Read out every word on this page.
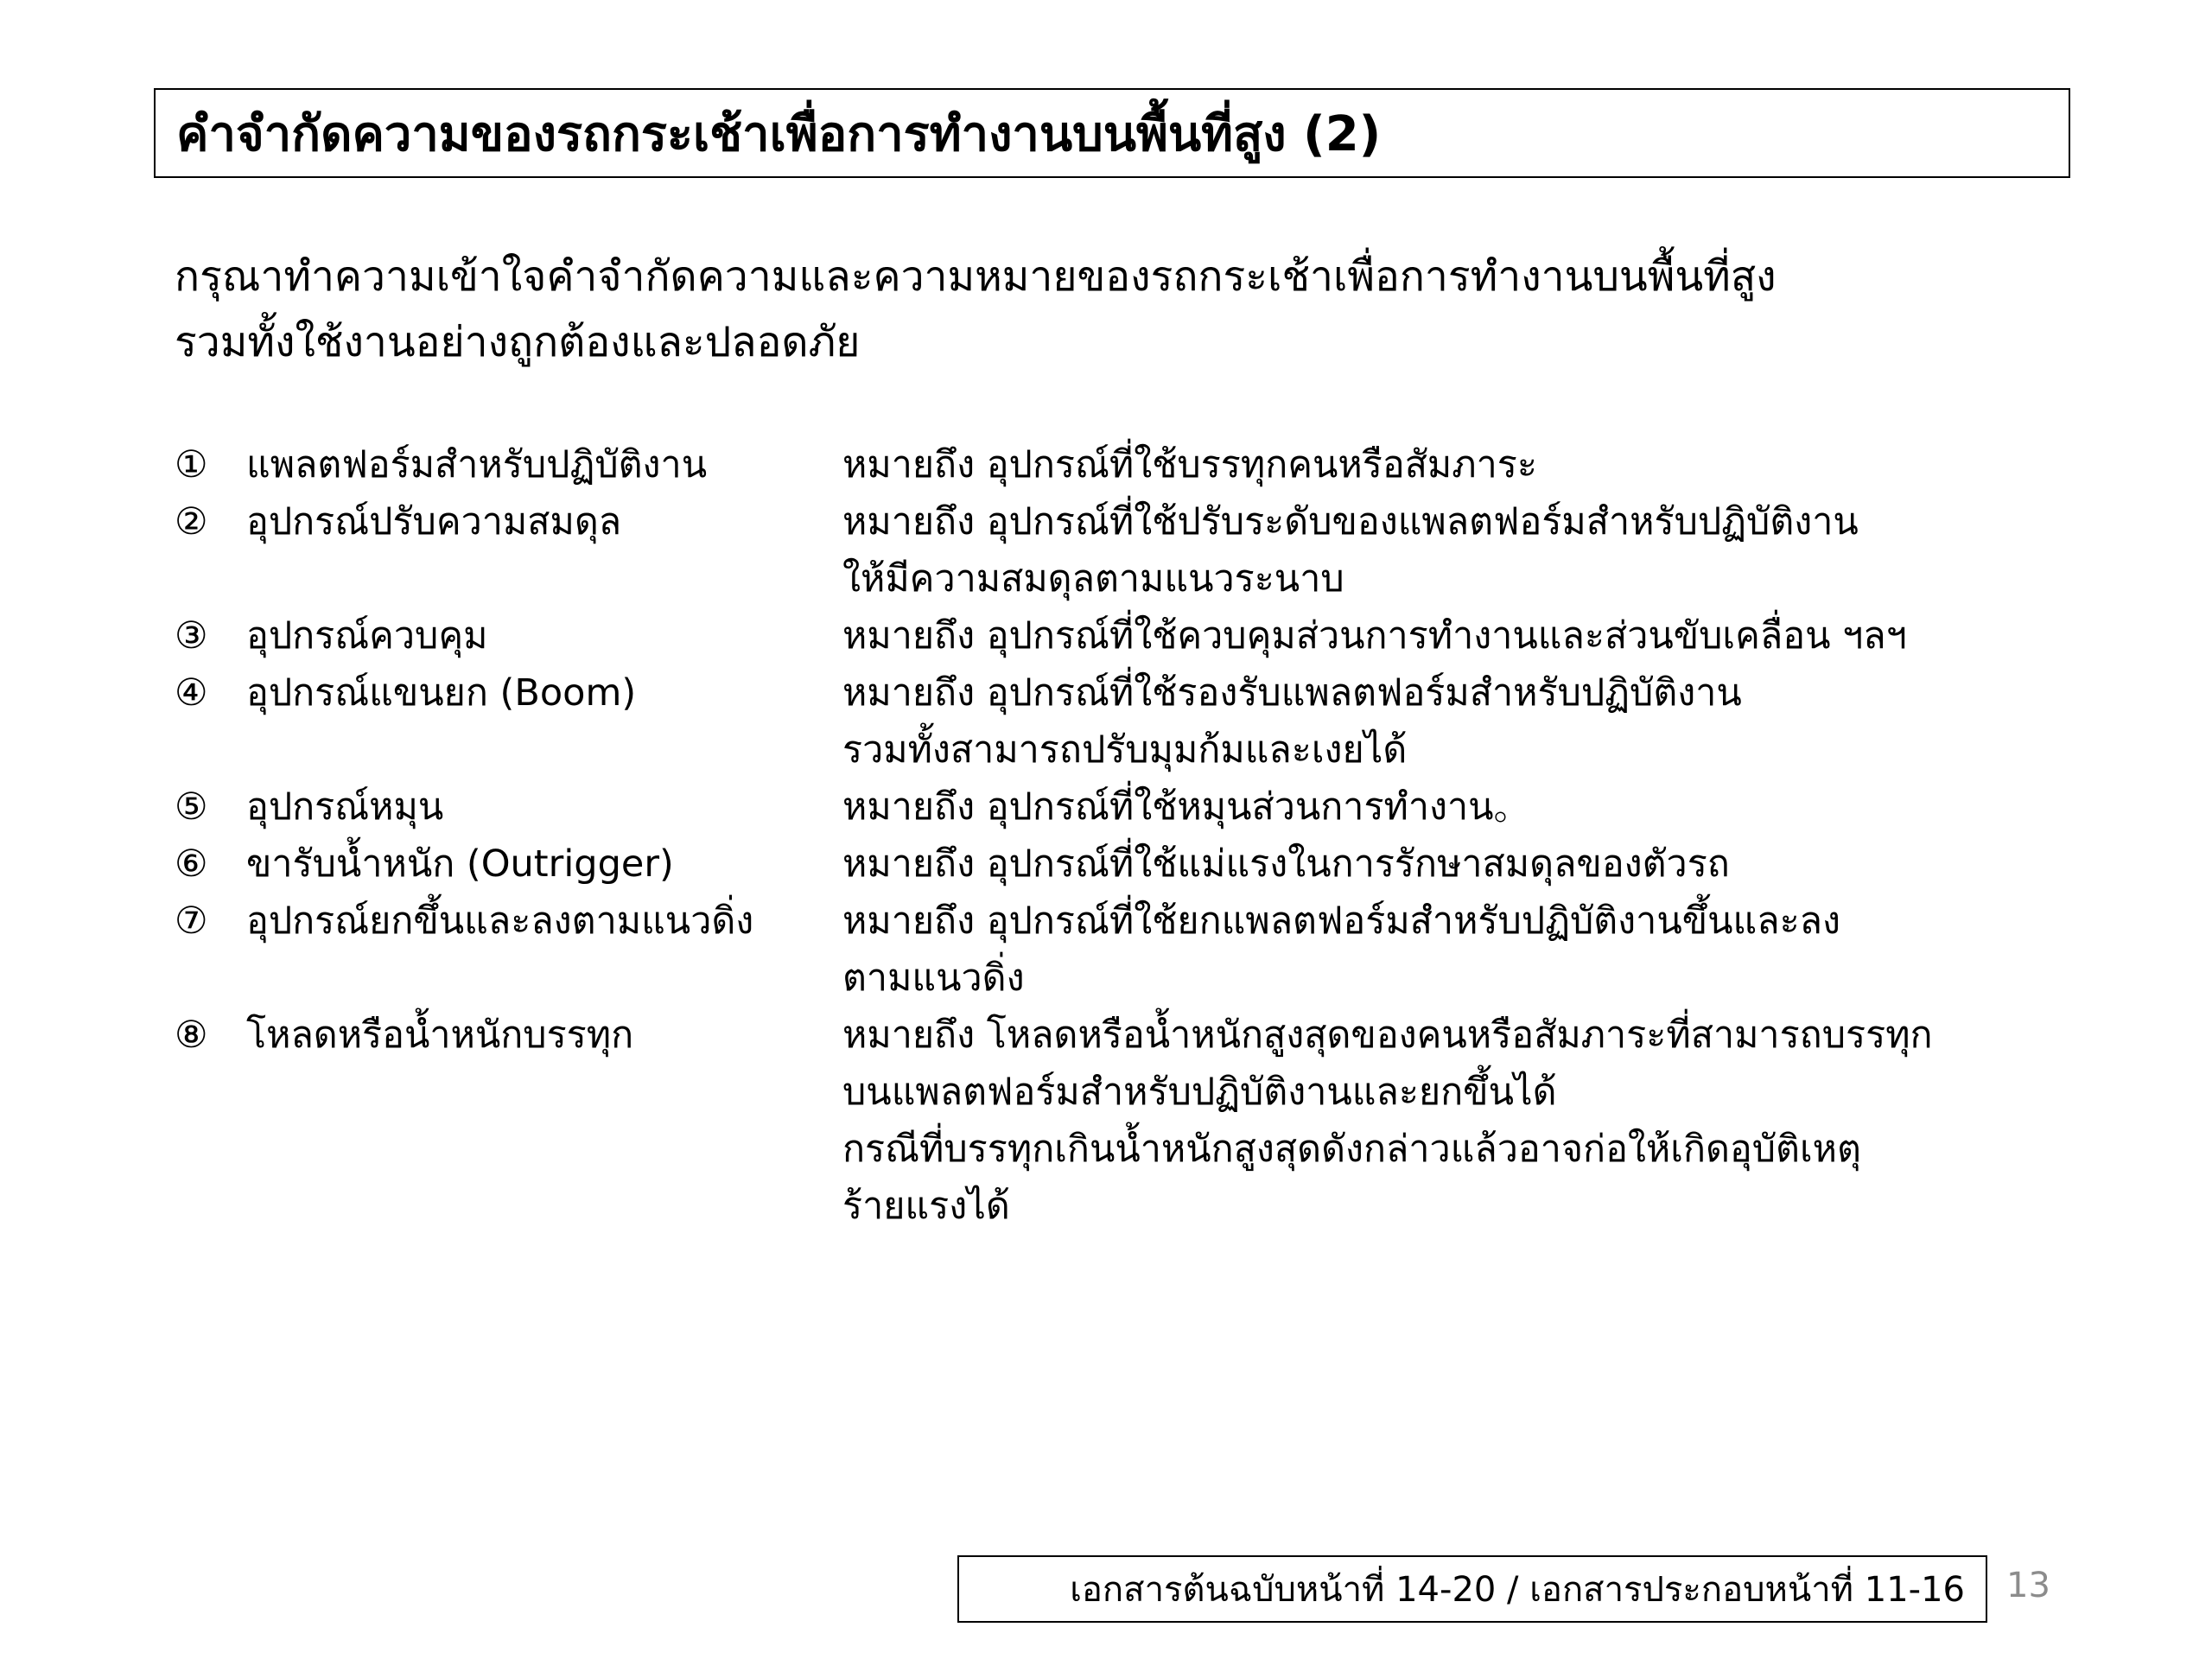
คำจำกัดความของรถกระเช้าเพื่อการทำงานบนพื้นที่สูง (2)
กรุณาทำความเข้าใจคำจำกัดความและความหมายของรถกระเช้าเพื่อการทำงานบนพื้นที่สูง
รวมทั้งใช้งานอย่างถูกต้องและปลอดภัย
①	แพลตฟอร์มสำหรับปฏิบัติงาน	หมายถึง อุปกรณ์ที่ใช้บรรทุกคนหรือสัมภาระ
②	อุปกรณ์ปรับความสมดุล	หมายถึง อุปกรณ์ที่ใช้ปรับระดับของแพลตฟอร์มสำหรับปฏิบัติงาน
ให้มีความสมดุลตามแนวระนาบ
③	อุปกรณ์ควบคุม	หมายถึง อุปกรณ์ที่ใช้ควบคุมส่วนการทำงานและส่วนขับเคลื่อน ฯลฯ
④	อุปกรณ์แขนยก (Boom)	หมายถึง อุปกรณ์ที่ใช้รองรับแพลตฟอร์มสำหรับปฏิบัติงาน
รวมทั้งสามารถปรับมุมก้มและเงยได้
⑤	อุปกรณ์หมุน	หมายถึง อุปกรณ์ที่ใช้หมุนส่วนการทำงาน。
⑥	ขารับน้ำหนัก (Outrigger)	หมายถึง อุปกรณ์ที่ใช้แม่แรงในการรักษาสมดุลของตัวรถ
⑦	อุปกรณ์ยกขึ้นและลงตามแนวดิ่ง	หมายถึง อุปกรณ์ที่ใช้ยกแพลตฟอร์มสำหรับปฏิบัติงานขึ้นและลง
ตามแนวดิ่ง
⑧	โหลดหรือน้ำหนักบรรทุก	หมายถึง โหลดหรือน้ำหนักสูงสุดของคนหรือสัมภาระที่สามารถบรรทุก
บนแพลตฟอร์มสำหรับปฏิบัติงานและยกขึ้นได้
กรณีที่บรรทุกเกินน้ำหนักสูงสุดดังกล่าวแล้วอาจก่อให้เกิดอุบัติเหตุ
ร้ายแรงได้
เอกสารต้นฉบับหน้าที่ 14-20 / เอกสารประกอบหน้าที่ 11-16 13
